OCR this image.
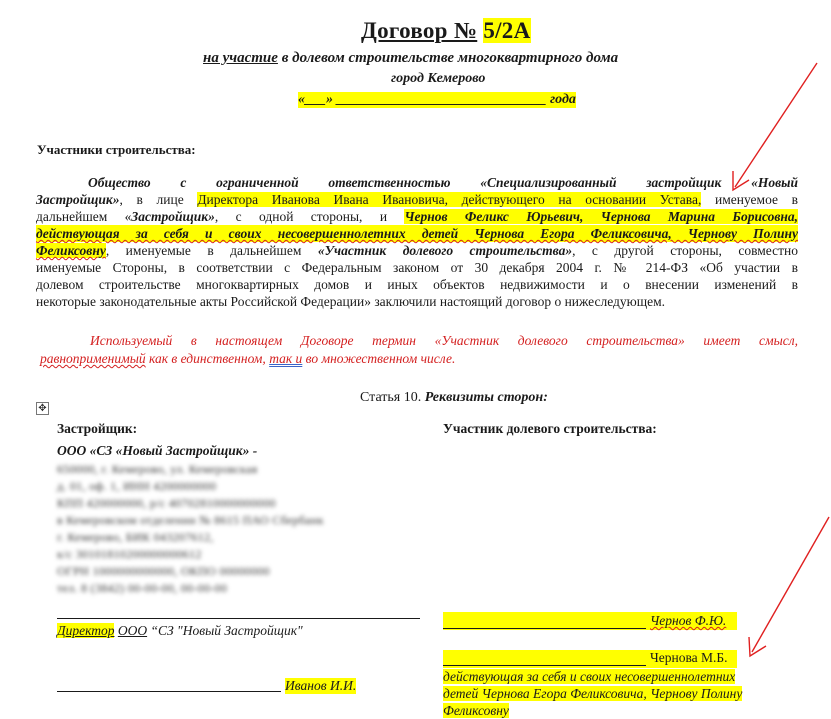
Договор № 5/2А
на участие в долевом строительстве многоквартирного дома
город Кемерово
«___» ______________________________ года
Участники строительства:
Общество с ограниченной ответственностью «Специализированный застройщик «Новый
Застройщик», в лице Директора Иванова Ивана Ивановича, действующего на основании Устава, именуемое в
дальнейшем «Застройщик», с одной стороны, и Чернов Феликс Юрьевич, Чернова Марина Борисовна,
действующая за себя и своих несовершеннолетних детей Чернова Егора Феликсовича, Чернову Полину
Феликсовну, именуемые в дальнейшем «Участник долевого строительства», с другой стороны, совместно
именуемые Стороны, в соответствии с Федеральным законом от 30 декабря 2004 г. № 214-ФЗ «Об участии в
долевом строительстве многоквартирных домов и иных объектов недвижимости и о внесении изменений в
некоторые законодательные акты Российской Федерации» заключили настоящий договор о нижеследующем.
Используемый в настоящем Договоре термин «Участник долевого строительства» имеет смысл,
равноприменимый как в единственном, так и во множественном числе.
✥
Статья 10. Реквизиты сторон:
Застройщик:
ООО «СЗ «Новый Застройщик» -
650000, г. Кемерово, ул. Кемеровская
д. 01, оф. 1, ИНН 4200000000
КПП 420000000, р/с 40702810000000000
в Кемеровском отделении № 8615 ПАО Сбербанк
г. Кемерово, БИК 043207612,
к/с 30101810200000000612
ОГРН 1000000000000, ОКПО 00000000
тел. 8 (3842) 00-00-00, 00-00-00
Директор ООО “СЗ "Новый Застройщик"
Иванов И.И.
Участник долевого строительства:
Чернов Ф.Ю.
Чернова М.Б.
действующая за себя и своих несовершеннолетних
детей Чернова Егора Феликсовича, Чернову Полину
Феликсовну
